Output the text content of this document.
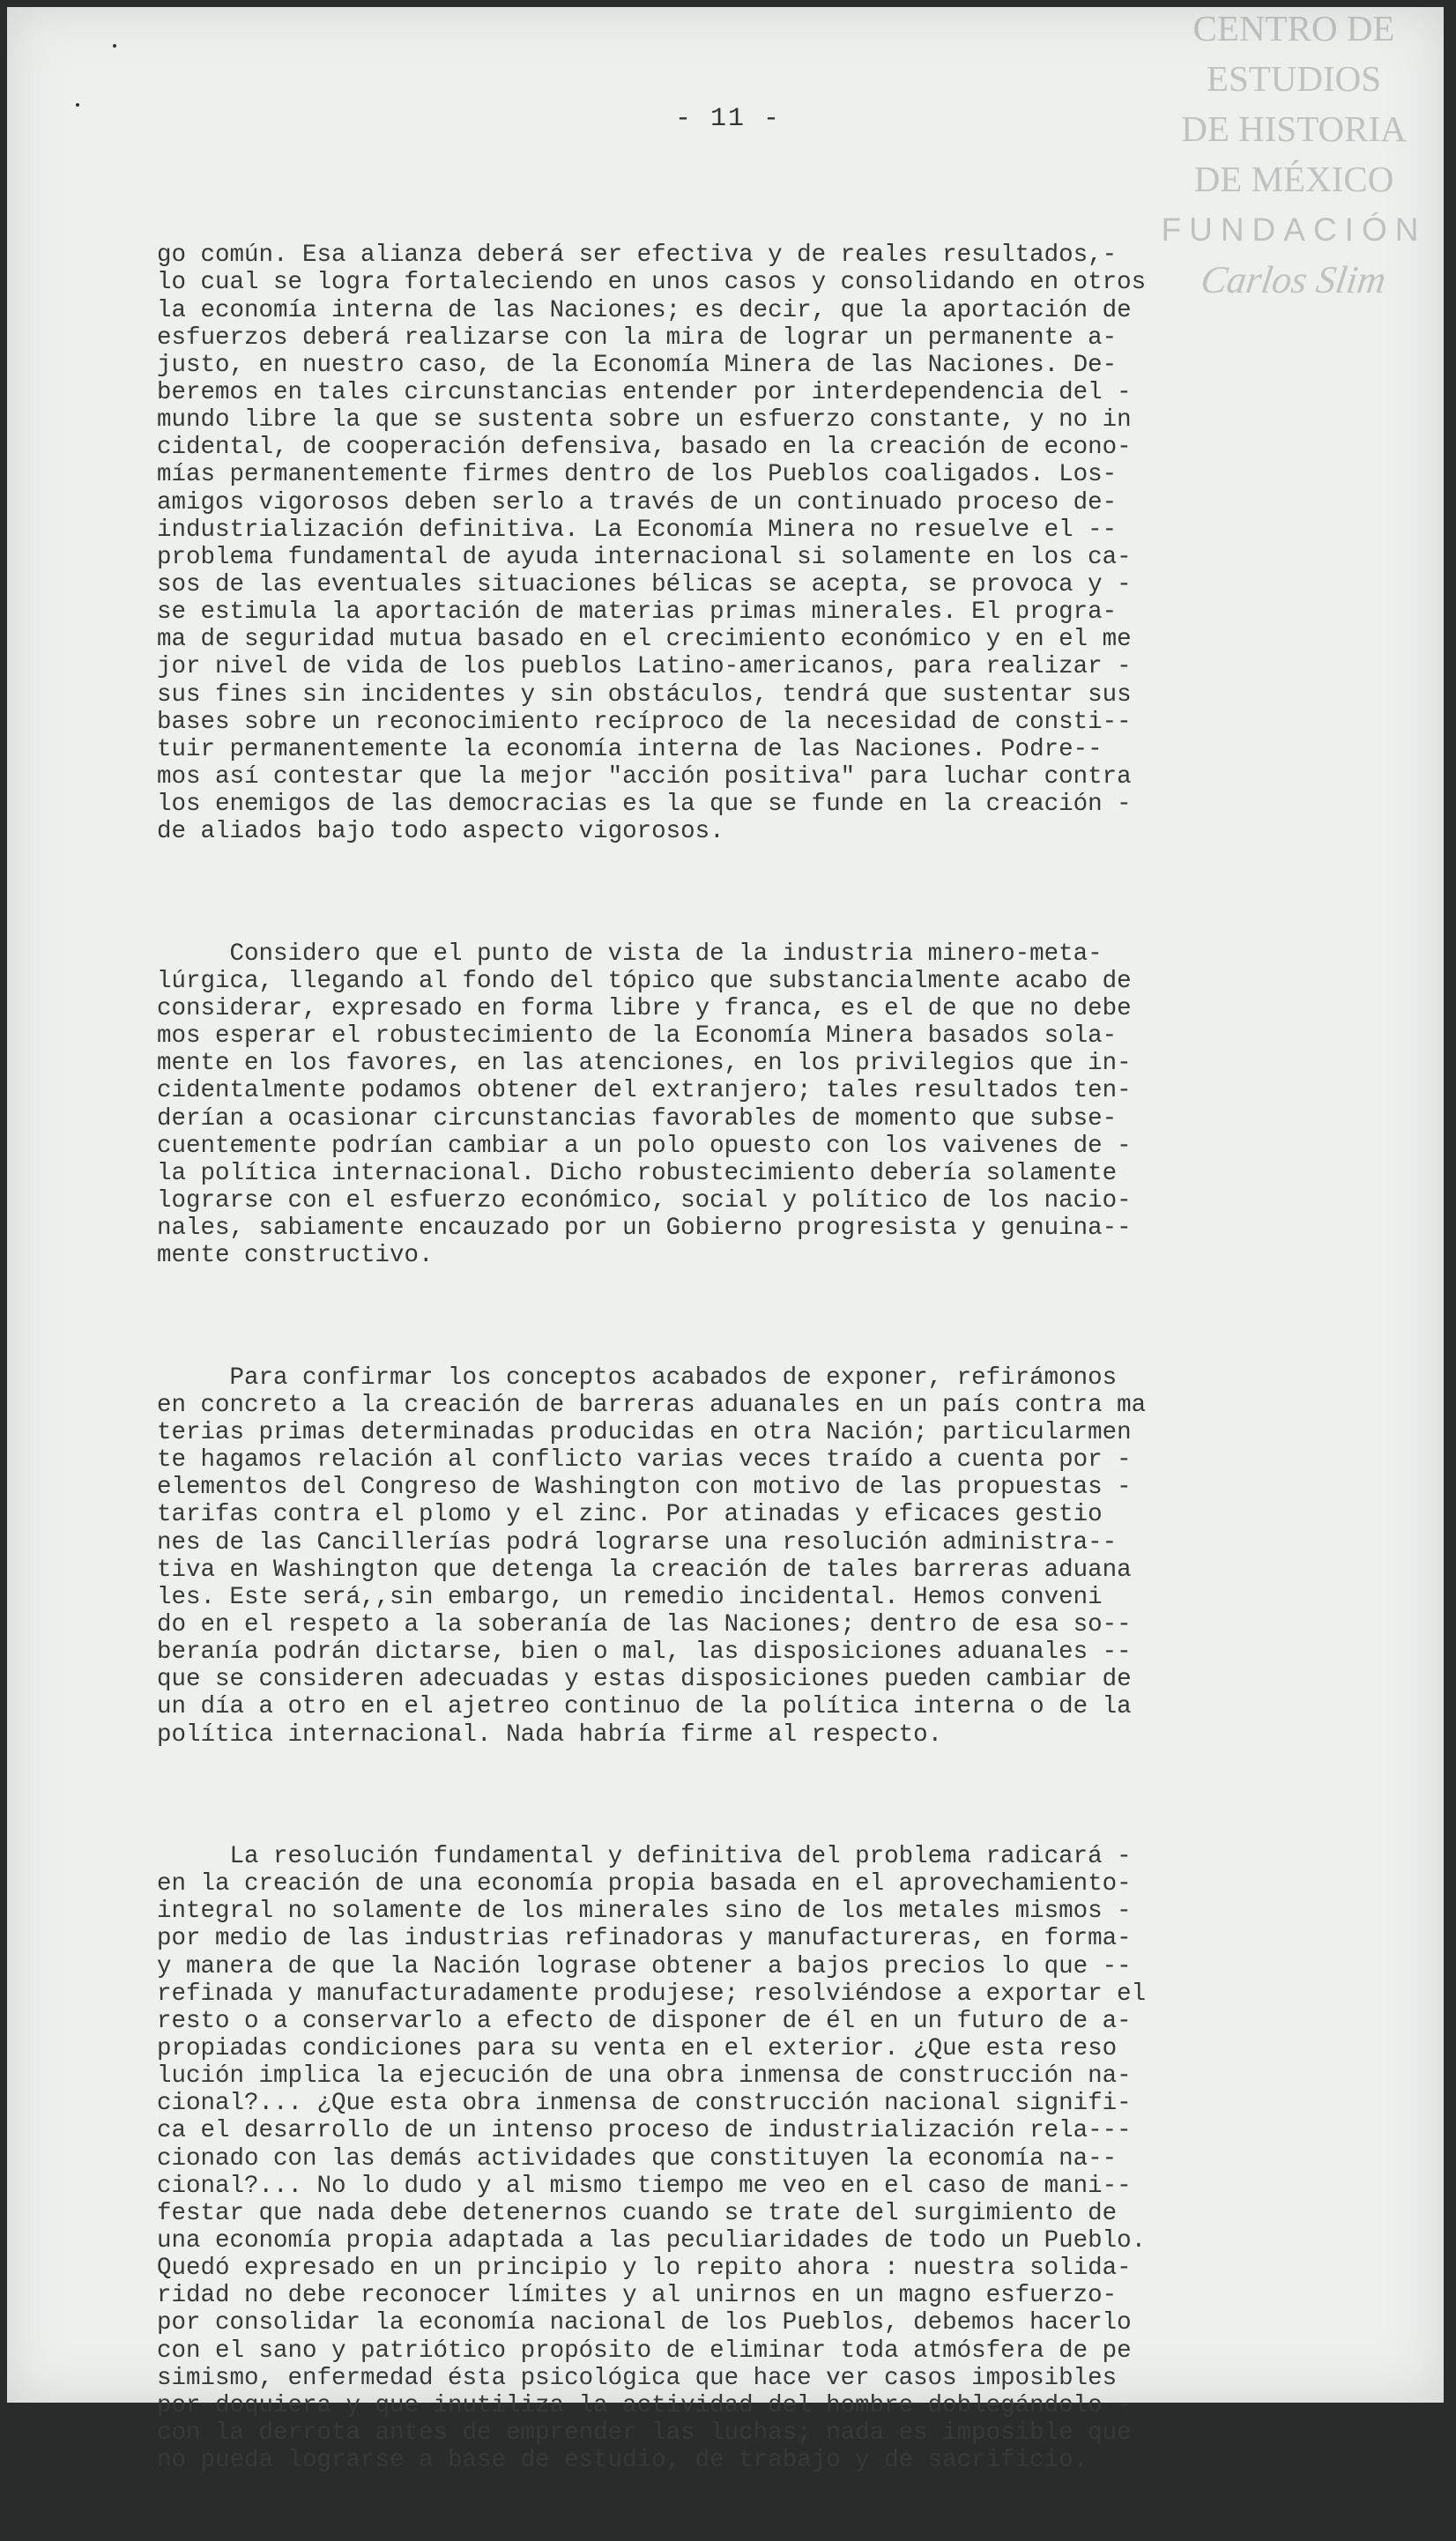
CENTRO DE
ESTUDIOS
DE HISTORIA
DE MÉXICO
FUNDACIÓN
Carlos Slim
- 11 -

go común. Esa alianza deberá ser efectiva y de reales resultados,-
lo cual se logra fortaleciendo en unos casos y consolidando en otros
la economía interna de las Naciones; es decir, que la aportación de
esfuerzos deberá realizarse con la mira de lograr un permanente a-
justo, en nuestro caso, de la Economía Minera de las Naciones. De-
beremos en tales circunstancias entender por interdependencia del -
mundo libre la que se sustenta sobre un esfuerzo constante, y no in
cidental, de cooperación defensiva, basado en la creación de econo-
mías permanentemente firmes dentro de los Pueblos coaligados. Los-
amigos vigorosos deben serlo a través de un continuado proceso de-
industrialización definitiva. La Economía Minera no resuelve el --
problema fundamental de ayuda internacional si solamente en los ca-
sos de las eventuales situaciones bélicas se acepta, se provoca y -
se estimula la aportación de materias primas minerales. El progra-
ma de seguridad mutua basado en el crecimiento económico y en el me
jor nivel de vida de los pueblos Latino-americanos, para realizar -
sus fines sin incidentes y sin obstáculos, tendrá que sustentar sus
bases sobre un reconocimiento recíproco de la necesidad de consti--
tuir permanentemente la economía interna de las Naciones. Podre--
mos así contestar que la mejor "acción positiva" para luchar contra
los enemigos de las democracias es la que se funde en la creación -
de aliados bajo todo aspecto vigorosos.

Considero que el punto de vista de la industria minero-meta-
lúrgica, llegando al fondo del tópico que substancialmente acabo de
considerar, expresado en forma libre y franca, es el de que no debe
mos esperar el robustecimiento de la Economía Minera basados sola-
mente en los favores, en las atenciones, en los privilegios que in-
cidentalmente podamos obtener del extranjero; tales resultados ten-
derían a ocasionar circunstancias favorables de momento que subse-
cuentemente podrían cambiar a un polo opuesto con los vaivenes de -
la política internacional. Dicho robustecimiento debería solamente
lograrse con el esfuerzo económico, social y político de los nacio-
nales, sabiamente encauzado por un Gobierno progresista y genuina--
mente constructivo.

Para confirmar los conceptos acabados de exponer, refirámonos
en concreto a la creación de barreras aduanales en un país contra ma
terias primas determinadas producidas en otra Nación; particularmen
te hagamos relación al conflicto varias veces traído a cuenta por -
elementos del Congreso de Washington con motivo de las propuestas -
tarifas contra el plomo y el zinc. Por atinadas y eficaces gestio
nes de las Cancillerías podrá lograrse una resolución administra--
tiva en Washington que detenga la creación de tales barreras aduana
les. Este será,,sin embargo, un remedio incidental. Hemos conveni
do en el respeto a la soberanía de las Naciones; dentro de esa so--
beranía podrán dictarse, bien o mal, las disposiciones aduanales --
que se consideren adecuadas y estas disposiciones pueden cambiar de
un día a otro en el ajetreo continuo de la política interna o de la
política internacional. Nada habría firme al respecto.

La resolución fundamental y definitiva del problema radicará -
en la creación de una economía propia basada en el aprovechamiento-
integral no solamente de los minerales sino de los metales mismos -
por medio de las industrias refinadoras y manufactureras, en forma-
y manera de que la Nación lograse obtener a bajos precios lo que --
refinada y manufacturadamente produjese; resolviéndose a exportar el
resto o a conservarlo a efecto de disponer de él en un futuro de a-
propiadas condiciones para su venta en el exterior. ¿Que esta reso
lución implica la ejecución de una obra inmensa de construcción na-
cional?... ¿Que esta obra inmensa de construcción nacional signifi-
ca el desarrollo de un intenso proceso de industrialización rela---
cionado con las demás actividades que constituyen la economía na--
cional?... No lo dudo y al mismo tiempo me veo en el caso de mani--
festar que nada debe detenernos cuando se trate del surgimiento de
una economía propia adaptada a las peculiaridades de todo un Pueblo.
Quedó expresado en un principio y lo repito ahora : nuestra solida-
ridad no debe reconocer límites y al unirnos en un magno esfuerzo-
por consolidar la economía nacional de los Pueblos, debemos hacerlo
con el sano y patriótico propósito de eliminar toda atmósfera de pe
simismo, enfermedad ésta psicológica que hace ver casos imposibles
por doquiera y que inutiliza la actividad del hombre doblegándolo -
con la derrota antes de emprender las luchas; nada es imposible que
no pueda lograrse a base de estudio, de trabajo y de sacrificio.
